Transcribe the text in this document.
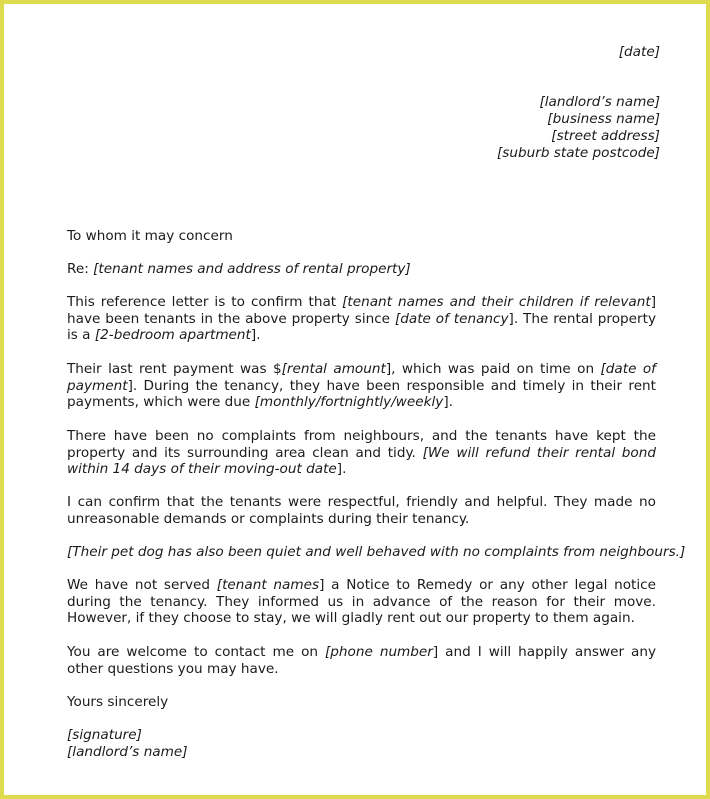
[date]
[landlord’s name]
[business name]
[street address]
[suburb state postcode]
To whom it may concern
Re: [tenant names and address of rental property]
This reference letter is to confirm that [tenant names and their children if relevant] have been tenants in the above property since [date of tenancy]. The rental property is a [2-bedroom apartment].
Their last rent payment was $[rental amount], which was paid on time on [date of payment]. During the tenancy, they have been responsible and timely in their rent payments, which were due [monthly/fortnightly/weekly].
There have been no complaints from neighbours, and the tenants have kept the property and its surrounding area clean and tidy. [We will refund their rental bond within 14 days of their moving-out date].
I can confirm that the tenants were respectful, friendly and helpful. They made no unreasonable demands or complaints during their tenancy.
[Their pet dog has also been quiet and well behaved with no complaints from neighbours.]
We have not served [tenant names] a Notice to Remedy or any other legal notice during the tenancy. They informed us in advance of the reason for their move. However, if they choose to stay, we will gladly rent out our property to them again.
You are welcome to contact me on [phone number] and I will happily answer any other questions you may have.
Yours sincerely
[signature]
[landlord’s name]
